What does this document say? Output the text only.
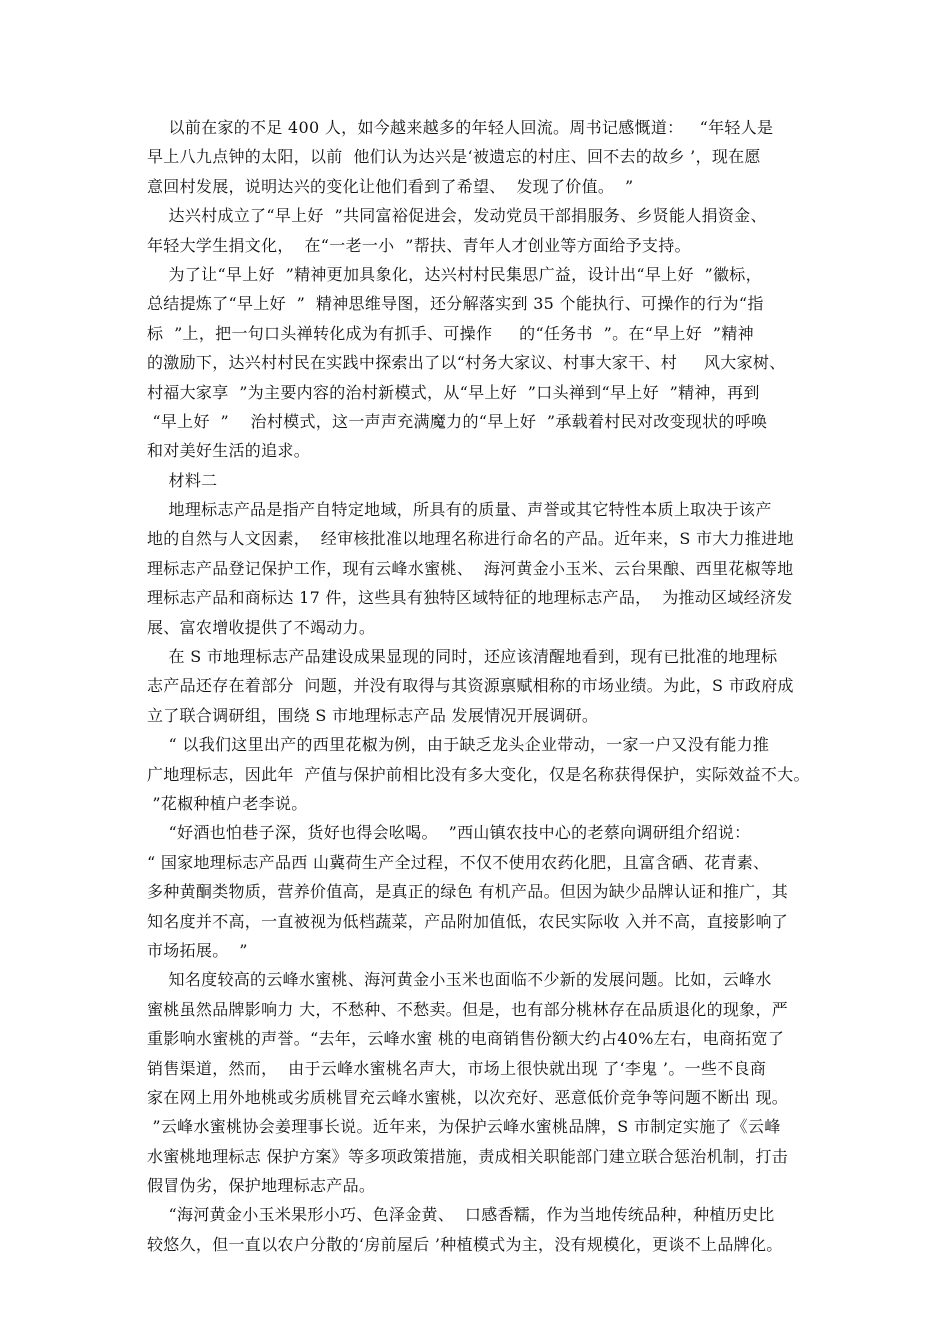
以前在家的不足 400 人，如今越来越多的年轻人回流。周书记感慨道：   “年轻人是
早上八九点钟的太阳，以前  他们认为达兴是‘被遗忘的村庄、回不去的故乡 ’，现在愿
意回村发展，说明达兴的变化让他们看到了希望、  发现了价值。  ”
达兴村成立了“早上好  ”共同富裕促进会，发动党员干部捐服务、乡贤能人捐资金、
年轻大学生捐文化，  在“一老一小  ”帮扶、青年人才创业等方面给予支持。
为了让“早上好  ”精神更加具象化，达兴村村民集思广益，设计出“早上好  ”徽标，
总结提炼了“早上好  ”  精神思维导图，还分解落实到 35 个能执行、可操作的行为“指
标  ”上，把一句口头禅转化成为有抓手、可操作     的“任务书  ”。在“早上好  ”精神
的激励下，达兴村村民在实践中探索出了以“村务大家议、村事大家干、村     风大家树、
村福大家享  ”为主要内容的治村新模式，从“早上好  ”口头禅到“早上好  ”精神，再到
“早上好  ”    治村模式，这一声声充满魔力的“早上好  ”承载着村民对改变现状的呼唤
和对美好生活的追求。
材料二
地理标志产品是指产自特定地域，所具有的质量、声誉或其它特性本质上取决于该产
地的自然与人文因素，  经审核批准以地理名称进行命名的产品。近年来，S 市大力推进地
理标志产品登记保护工作，现有云峰水蜜桃、  海河黄金小玉米、云台果酿、西里花椒等地
理标志产品和商标达 17 件，这些具有独特区域特征的地理标志产品，  为推动区域经济发
展、富农增收提供了不竭动力。
在 S 市地理标志产品建设成果显现的同时，还应该清醒地看到，现有已批准的地理标
志产品还存在着部分  问题，并没有取得与其资源禀赋相称的市场业绩。为此，S 市政府成
立了联合调研组，围绕 S 市地理标志产品 发展情况开展调研。
“ 以我们这里出产的西里花椒为例，由于缺乏龙头企业带动，一家一户又没有能力推
广地理标志，因此年  产值与保护前相比没有多大变化，仅是名称获得保护，实际效益不大。
”花椒种植户老李说。
“好酒也怕巷子深，货好也得会吆喝。  ”西山镇农技中心的老蔡向调研组介绍说：
“ 国家地理标志产品西 山冀荷生产全过程，不仅不使用农药化肥，且富含硒、花青素、
多种黄酮类物质，营养价值高，是真正的绿色 有机产品。但因为缺少品牌认证和推广，其
知名度并不高，一直被视为低档蔬菜，产品附加值低，农民实际收 入并不高，直接影响了
市场拓展。  ”
知名度较高的云峰水蜜桃、海河黄金小玉米也面临不少新的发展问题。比如，云峰水
蜜桃虽然品牌影响力 大，不愁种、不愁卖。但是，也有部分桃林存在品质退化的现象，严
重影响水蜜桃的声誉。“去年，云峰水蜜 桃的电商销售份额大约占40%左右，电商拓宽了
销售渠道，然而，  由于云峰水蜜桃名声大，市场上很快就出现 了‘李鬼 ’。一些不良商
家在网上用外地桃或劣质桃冒充云峰水蜜桃，以次充好、恶意低价竞争等问题不断出 现。
”云峰水蜜桃协会姜理事长说。近年来，为保护云峰水蜜桃品牌，S 市制定实施了《云峰
水蜜桃地理标志 保护方案》等多项政策措施，责成相关职能部门建立联合惩治机制，打击
假冒伪劣，保护地理标志产品。
“海河黄金小玉米果形小巧、色泽金黄、  口感香糯，作为当地传统品种，种植历史比
较悠久，但一直以农户分散的‘房前屋后 ’种植模式为主，没有规模化，更谈不上品牌化。
